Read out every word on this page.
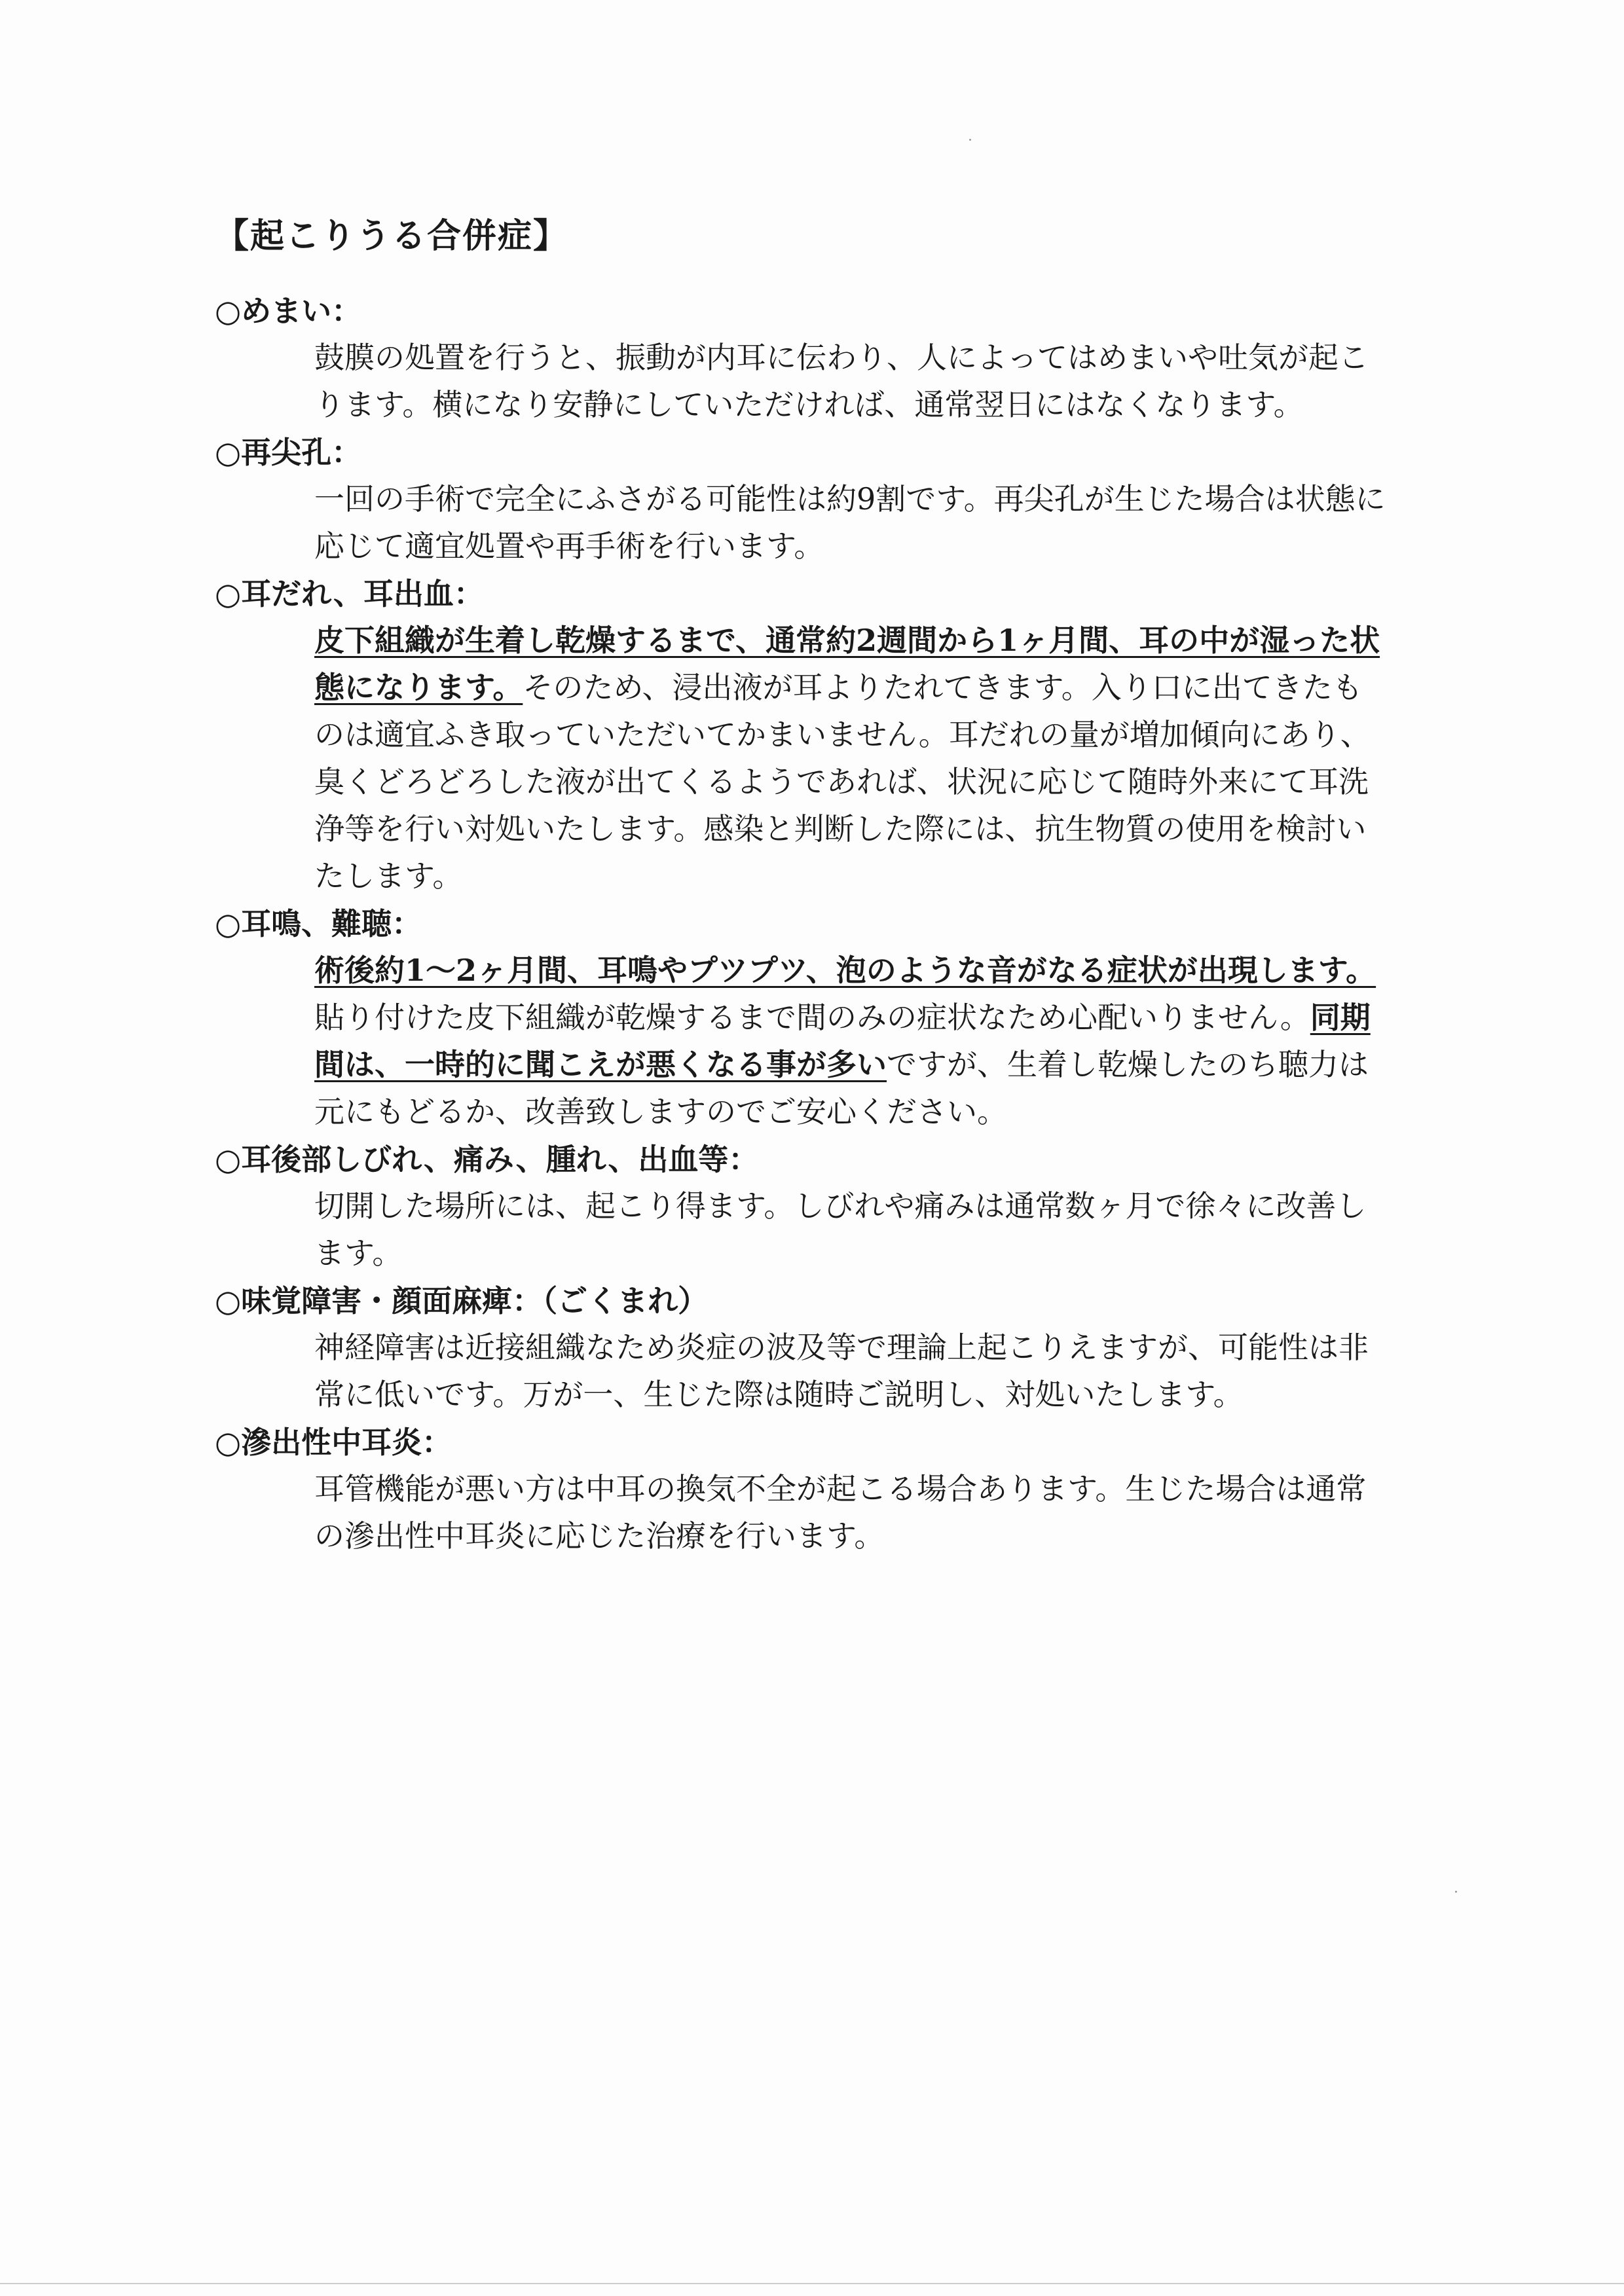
【起こりうる合併症】
○めまい：
鼓膜の処置を行うと、振動が内耳に伝わり、人によってはめまいや吐気が起こ
ります。横になり安静にしていただければ、通常翌日にはなくなります。
○再尖孔：
一回の手術で完全にふさがる可能性は約9割です。再尖孔が生じた場合は状態に
応じて適宜処置や再手術を行います。
○耳だれ、耳出血：
皮下組織が生着し乾燥するまで、通常約2週間から1ヶ月間、耳の中が湿った状
態になります。そのため、浸出液が耳よりたれてきます。入り口に出てきたも
のは適宜ふき取っていただいてかまいません。耳だれの量が増加傾向にあり、
臭くどろどろした液が出てくるようであれば、状況に応じて随時外来にて耳洗
浄等を行い対処いたします。感染と判断した際には、抗生物質の使用を検討い
たします。
○耳鳴、難聴：
術後約1～2ヶ月間、耳鳴やプツプツ、泡のような音がなる症状が出現します。
貼り付けた皮下組織が乾燥するまで間のみの症状なため心配いりません。同期
間は、一時的に聞こえが悪くなる事が多いですが、生着し乾燥したのち聴力は
元にもどるか、改善致しますのでご安心ください。
○耳後部しびれ、痛み、腫れ、出血等：
切開した場所には、起こり得ます。しびれや痛みは通常数ヶ月で徐々に改善し
ます。
○味覚障害・顔面麻痺：（ごくまれ）
神経障害は近接組織なため炎症の波及等で理論上起こりえますが、可能性は非
常に低いです。万が一、生じた際は随時ご説明し、対処いたします。
○滲出性中耳炎：
耳管機能が悪い方は中耳の換気不全が起こる場合あります。生じた場合は通常
の滲出性中耳炎に応じた治療を行います。
